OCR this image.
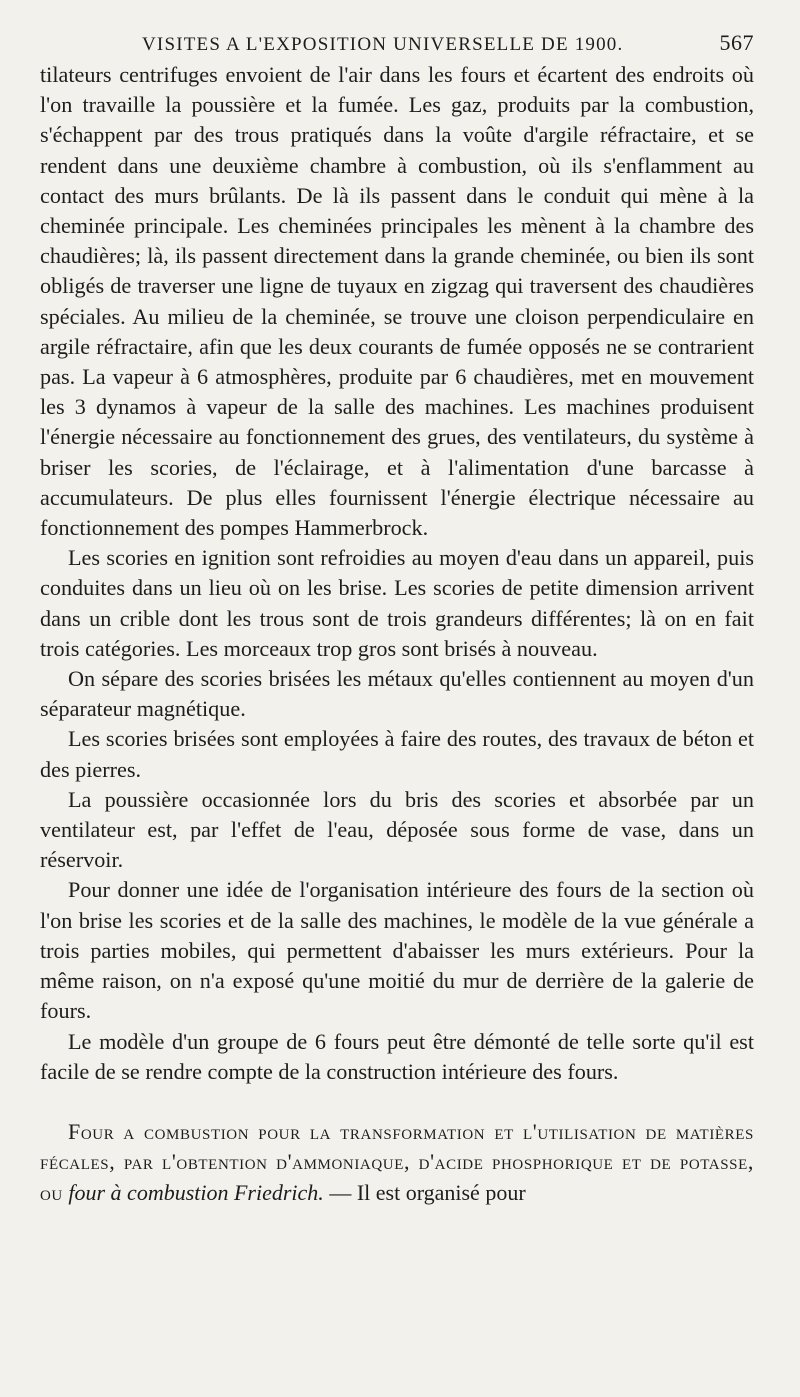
VISITES A L'EXPOSITION UNIVERSELLE DE 1900.	567

tilateurs centrifuges envoient de l'air dans les fours et écartent des endroits où l'on travaille la poussière et la fumée. Les gaz, produits par la combustion, s'échappent par des trous pratiqués dans la voûte d'argile réfractaire, et se rendent dans une deuxième chambre à combustion, où ils s'enflamment au contact des murs brûlants. De là ils passent dans le conduit qui mène à la cheminée principale. Les cheminées principales les mènent à la chambre des chaudières; là, ils passent directement dans la grande cheminée, ou bien ils sont obligés de traverser une ligne de tuyaux en zigzag qui traversent des chaudières spéciales. Au milieu de la cheminée, se trouve une cloison perpendiculaire en argile réfractaire, afin que les deux courants de fumée opposés ne se contrarient pas. La vapeur à 6 atmosphères, produite par 6 chaudières, met en mouvement les 3 dynamos à vapeur de la salle des machines. Les machines produisent l'énergie nécessaire au fonctionnement des grues, des ventilateurs, du système à briser les scories, de l'éclairage, et à l'alimentation d'une barcasse à accumulateurs. De plus elles fournissent l'énergie électrique nécessaire au fonctionnement des pompes Hammerbrock.

Les scories en ignition sont refroidies au moyen d'eau dans un appareil, puis conduites dans un lieu où on les brise. Les scories de petite dimension arrivent dans un crible dont les trous sont de trois grandeurs différentes; là on en fait trois catégories. Les morceaux trop gros sont brisés à nouveau.

On sépare des scories brisées les métaux qu'elles contiennent au moyen d'un séparateur magnétique.

Les scories brisées sont employées à faire des routes, des travaux de béton et des pierres.

La poussière occasionnée lors du bris des scories et absorbée par un ventilateur est, par l'effet de l'eau, déposée sous forme de vase, dans un réservoir.

Pour donner une idée de l'organisation intérieure des fours de la section où l'on brise les scories et de la salle des machines, le modèle de la vue générale a trois parties mobiles, qui permettent d'abaisser les murs extérieurs. Pour la même raison, on n'a exposé qu'une moitié du mur de derrière de la galerie de fours.

Le modèle d'un groupe de 6 fours peut être démonté de telle sorte qu'il est facile de se rendre compte de la construction intérieure des fours.

Four a combustion pour la transformation et l'utilisation de matières fécales, par l'obtention d'ammoniaque, d'acide phosphorique et de potasse, ou four à combustion Friedrich. — Il est organisé pour
